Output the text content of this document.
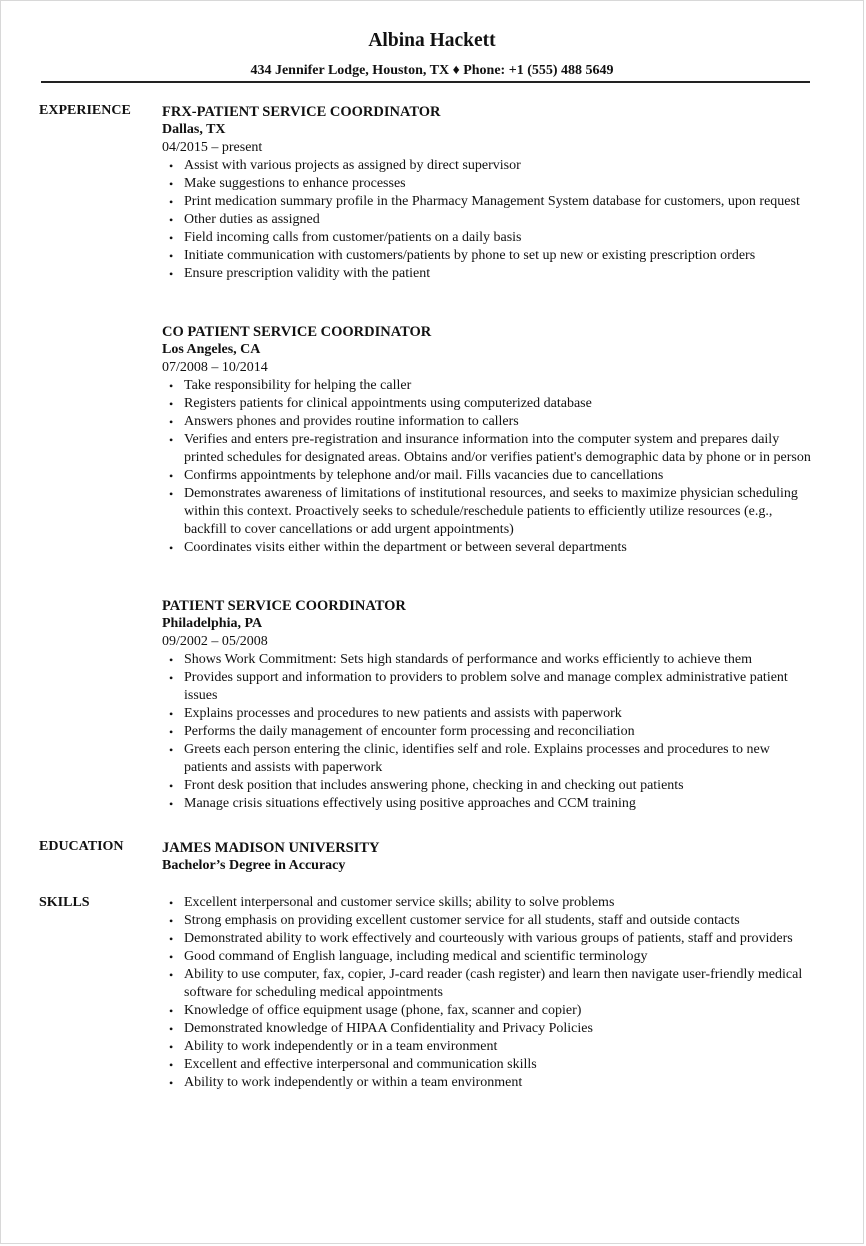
Albina Hackett
434 Jennifer Lodge, Houston, TX ♦ Phone: +1 (555) 488 5649
EXPERIENCE FRX-PATIENT SERVICE COORDINATOR

Dallas, TX

04/2015 – present

• Assist with various projects as assigned by direct supervisor
• Make suggestions to enhance processes
• Print medication summary profile in the Pharmacy Management System database for customers, upon request
• Other duties as assigned
• Field incoming calls from customer/patients on a daily basis
• Initiate communication with customers/patients by phone to set up new or existing prescription orders
• Ensure prescription validity with the patient

CO PATIENT SERVICE COORDINATOR

Los Angeles, CA

07/2008 – 10/2014

• Take responsibility for helping the caller
• Registers patients for clinical appointments using computerized database
• Answers phones and provides routine information to callers
• Verifies and enters pre-registration and insurance information into the computer system and prepares daily printed schedules for designated areas. Obtains and/or verifies patient's demographic data by phone or in person
• Confirms appointments by telephone and/or mail. Fills vacancies due to cancellations
• Demonstrates awareness of limitations of institutional resources, and seeks to maximize physician scheduling within this context. Proactively seeks to schedule/reschedule patients to efficiently utilize resources (e.g., backfill to cover cancellations or add urgent appointments)
• Coordinates visits either within the department or between several departments

PATIENT SERVICE COORDINATOR

Philadelphia, PA

09/2002 – 05/2008

• Shows Work Commitment: Sets high standards of performance and works efficiently to achieve them
• Provides support and information to providers to problem solve and manage complex administrative patient issues
• Explains processes and procedures to new patients and assists with paperwork
• Performs the daily management of encounter form processing and reconciliation
• Greets each person entering the clinic, identifies self and role. Explains processes and procedures to new patients and assists with paperwork
• Front desk position that includes answering phone, checking in and checking out patients
• Manage crisis situations effectively using positive approaches and CCM training
EDUCATION	JAMES MADISON UNIVERSITY

Bachelor’s Degree in Accuracy

SKILLS	• Excellent interpersonal and customer service skills; ability to solve problems
• Strong emphasis on providing excellent customer service for all students, staff and outside contacts
• Demonstrated ability to work effectively and courteously with various groups of patients, staff and providers
• Good command of English language, including medical and scientific terminology
• Ability to use computer, fax, copier, J-card reader (cash register) and learn then navigate user-friendly medical software for scheduling medical appointments
• Knowledge of office equipment usage (phone, fax, scanner and copier)
• Demonstrated knowledge of HIPAA Confidentiality and Privacy Policies
• Ability to work independently or in a team environment
• Excellent and effective interpersonal and communication skills
• Ability to work independently or within a team environment
